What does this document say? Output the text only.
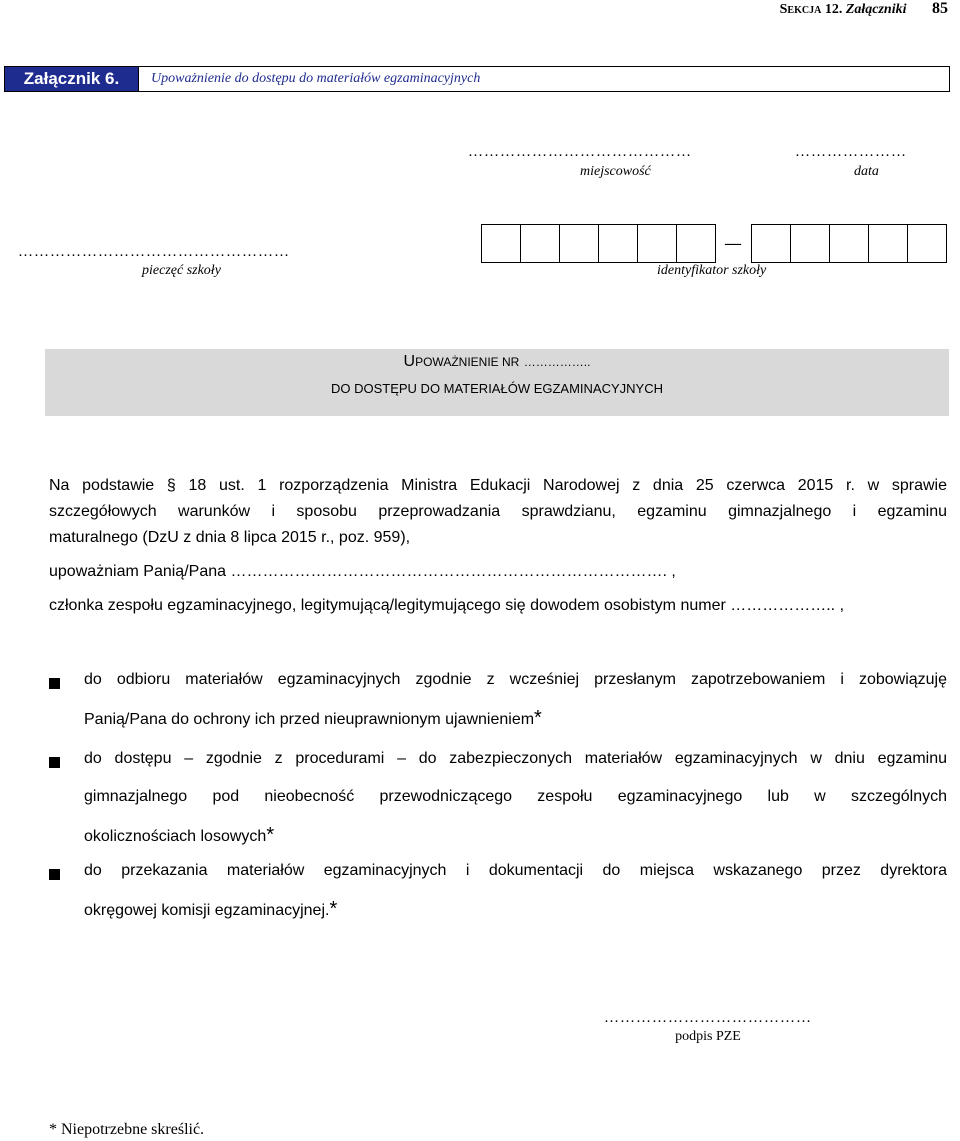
Sekcja 12. Załączniki 85
Załącznik 6.	Upoważnienie do dostępu do materiałów egzaminacyjnych
……………………………………
miejscowość
…………………
data
……………………………………………
pieczęć szkoły
—
identyfikator szkoły
UPOWAŻNIENIE NR ……………..
DO DOSTĘPU DO MATERIAŁÓW EGZAMINACYJNYCH
Na podstawie § 18 ust. 1 rozporządzenia Ministra Edukacji Narodowej z dnia 25 czerwca 2015 r. w sprawie
szczegółowych warunków i sposobu przeprowadzania sprawdzianu, egzaminu gimnazjalnego i egzaminu
maturalnego (DzU z dnia 8 lipca 2015 r., poz. 959),
upoważniam Panią/Pana ………………………………………………………………………. ,
członka zespołu egzaminacyjnego, legitymującą/legitymującego się dowodem osobistym numer ……………….. ,
do odbioru materiałów egzaminacyjnych zgodnie z wcześniej przesłanym zapotrzebowaniem i zobowiązuję
Panią/Pana do ochrony ich przed nieuprawnionym ujawnieniem*
do dostępu – zgodnie z procedurami – do zabezpieczonych materiałów egzaminacyjnych w dniu egzaminu
gimnazjalnego pod nieobecność przewodniczącego zespołu egzaminacyjnego lub w szczególnych
okolicznościach losowych*
do przekazania materiałów egzaminacyjnych i dokumentacji do miejsca wskazanego przez dyrektora
okręgowej komisji egzaminacyjnej.*
…………………………………
podpis PZE
* Niepotrzebne skreślić.
